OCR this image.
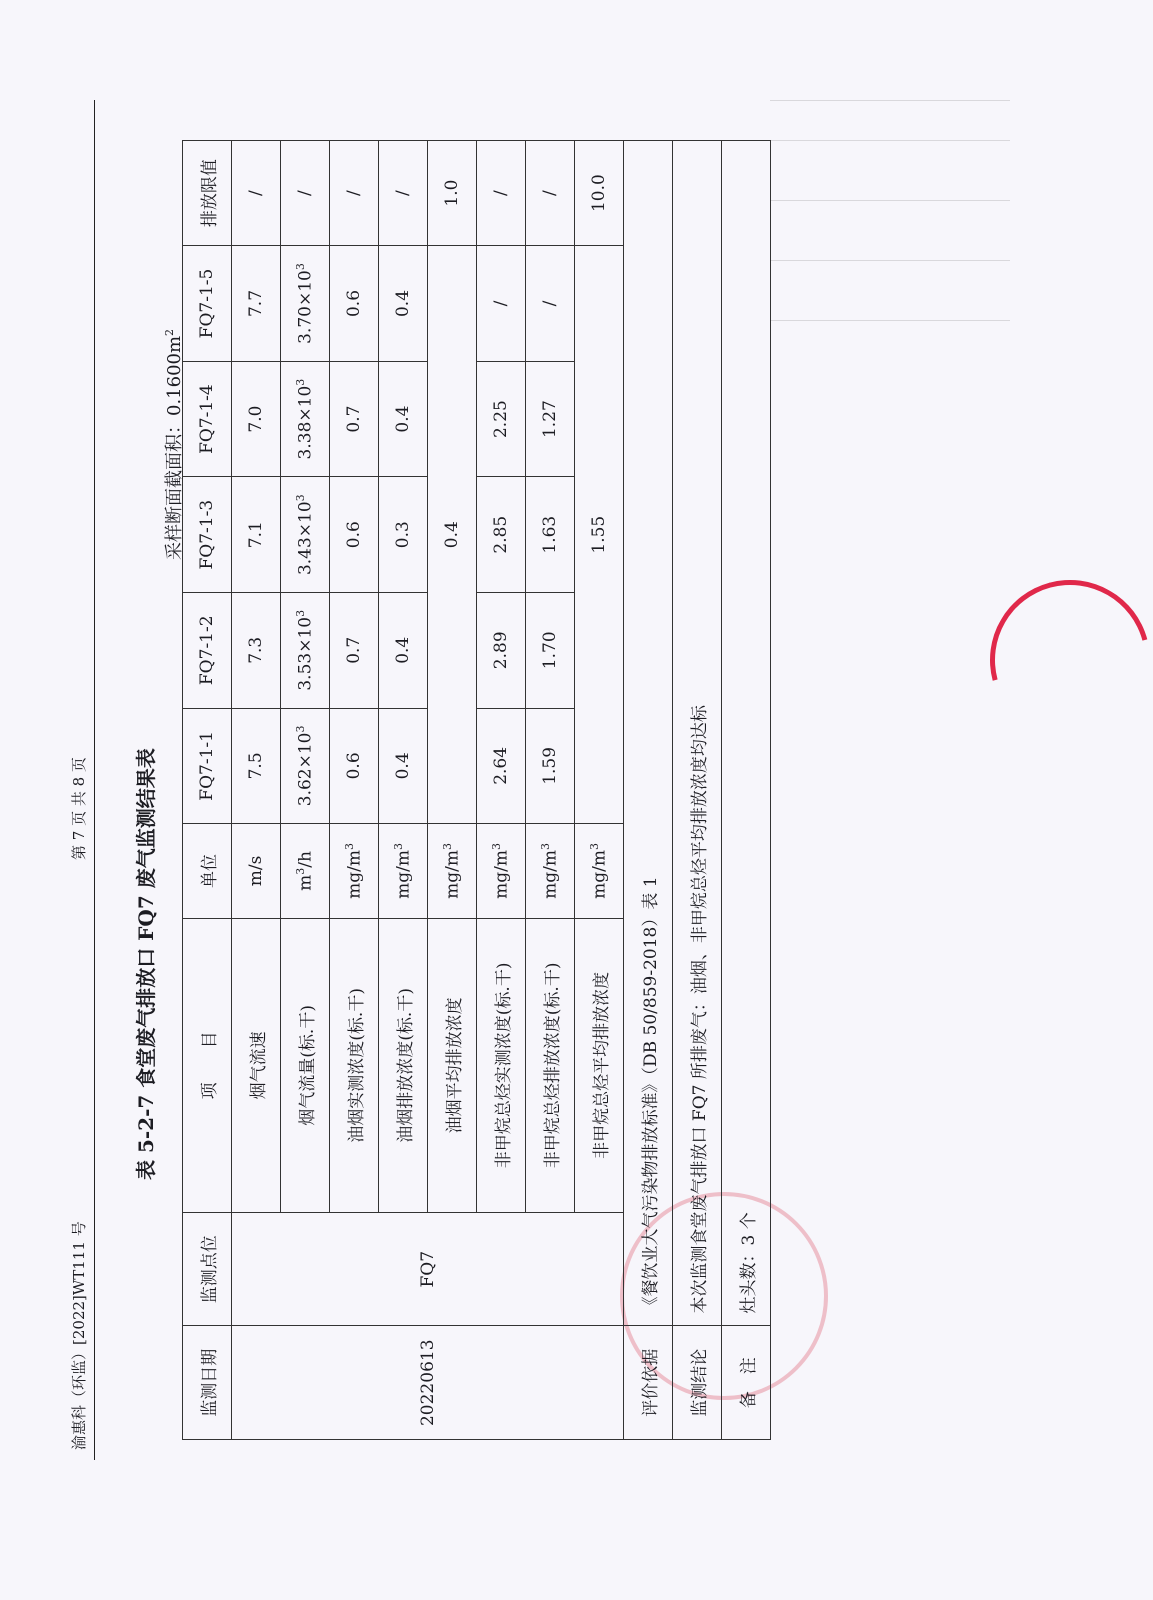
渝惠科（环监）[2022]WT111 号
第 7 页 共 8 页 表 5-2-7 食堂废气排放口 FQ7 废气监测结果表
采样断面截面积：$0.1600m^2$
监测日期	监测点位	项　　目	单位	FQ7-1-1	FQ7-1-2	FQ7-1-3	FQ7-1-4	FQ7-1-5	排放限值
20220613	FQ7	烟气流速	m/s	7.5	7.3	7.1	7.0	7.7	/
		烟气流量(标.干)	$m^3/h$	$3.62\times 10^3$	$3.53\times 10^3$	$3.43\times 10^3$	$3.38\times 10^3$	$3.70\times 10^3$	/
		油烟实测浓度(标.干)	$mg/m^3$	0.6	0.7	0.6	0.7	0.6	/
		油烟排放浓度(标.干)	$mg/m^3$	0.4	0.4	0.3	0.4	0.4	/
		油烟平均排放浓度	$mg/m^3$	0.4					1.0
		非甲烷总烃实测浓度(标.干)	$mg/m^3$	2.64	2.89	2.85	2.25	/	/
		非甲烷总烃排放浓度(标.干)	$mg/m^3$	1.59	1.70	1.63	1.27	/	/
		非甲烷总烃平均排放浓度	$mg/m^3$	1.55					10.0
评价依据	《餐饮业大气污染物排放标准》（DB 50/859-2018）表 1								
监测结论	本次监测食堂废气排放口 FQ7 所排废气：油烟、非甲烷总烃平均排放浓度均达标								
备　注	灶头数：3 个								
